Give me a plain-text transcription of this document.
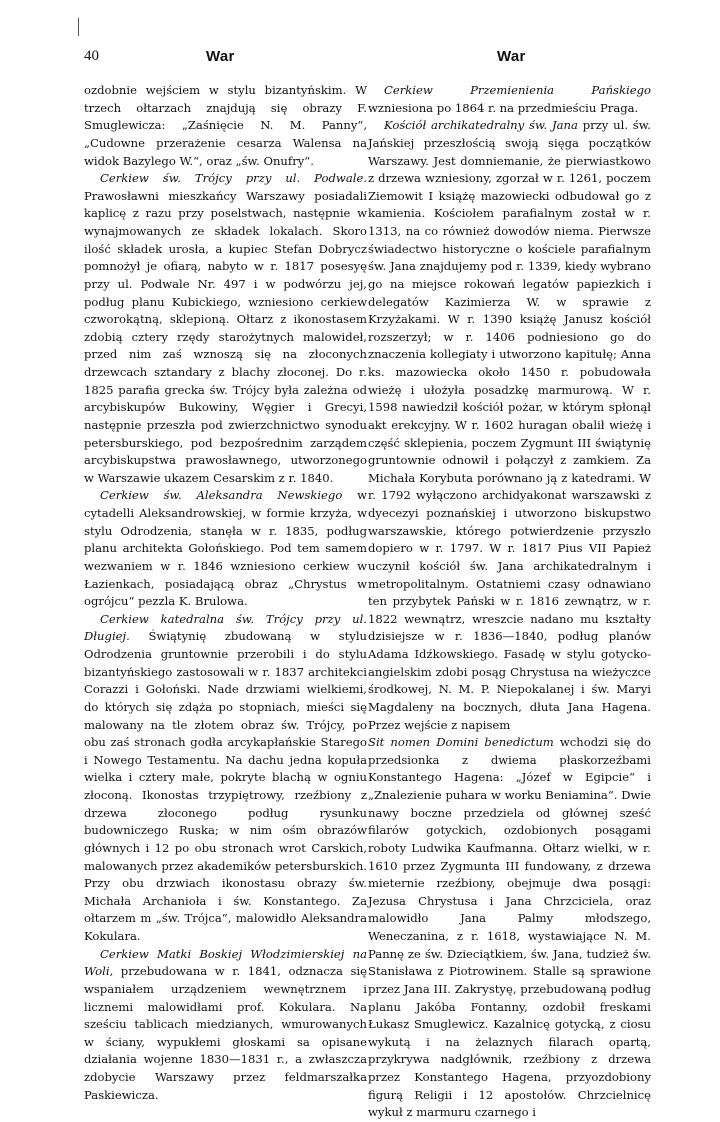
40	War	War

ozdobnie wejściem w stylu bizantyńskim. W trzech ołtarzach znajdują się obrazy F. Smuglewicza: „Zaśnięcie N. M. Panny“, „Cudowne przerażenie cesarza Walensa na widok Bazylego W.“, oraz „św. Onufry“.

Cerkiew św. Trójcy przy ul. Podwale. Prawosławni mieszkańcy Warszawy posiadali kaplicę z razu przy poselstwach, następnie w wynajmowanych ze składek lokalach. Skoro ilość składek urosła, a kupiec Stefan Dobrycz pomnożył je ofiarą, nabyto w r. 1817 posesyę przy ul. Podwale Nr. 497 i w podwórzu jej, podług planu Kubickiego, wzniesiono cerkiew czworokątną, sklepioną. Ołtarz z ikonostasem zdobią cztery rzędy starożytnych malowideł, przed nim zaś wznoszą się na złoconych drzewcach sztandary z blachy złoconej. Do r. 1825 parafia grecka św. Trójcy była zależna od arcybiskupów Bukowiny, Węgier i Grecyi, następnie przeszła pod zwierzchnictwo synodu petersburskiego, pod bezpośrednim zarządem arcybiskupstwa prawosławnego, utworzonego w Warszawie ukazem Cesarskim z r. 1840.

Cerkiew św. Aleksandra Newskiego w cytadelli Aleksandrowskiej, w formie krzyża, w stylu Odrodzenia, stanęła w r. 1835, podług planu architekta Gołońskiego. Pod tem samem wezwaniem w r. 1846 wzniesiono cerkiew w Łazienkach, posiadającą obraz „Chrystus w ogrójcu“ pezzla K. Brulowa.

Cerkiew katedralna św. Trójcy przy ul. Długiej. Świątynię zbudowaną w stylu Odrodzenia gruntownie przerobili i do stylu bizantyńskiego zastosowali w r. 1837 architekci Corazzi i Gołoński. Nade drzwiami wielkiemi, do których się zdąża po stopniach, mieści się malowany na tle złotem obraz św. Trójcy, po obu zaś stronach godła arcykapłańskie Starego i Nowego Testamentu. Na dachu jedna kopuła wielka i cztery małe, pokryte blachą w ogniu złoconą. Ikonostas trzypiętrowy, rzeźbiony z drzewa złoconego podług rysunku budowniczego Ruska; w nim ośm obrazów głównych i 12 po obu stronach wrot Carskich, malowanych przez akademików petersburskich. Przy obu drzwiach ikonostasu obrazy św. Michała Archanioła i św. Konstantego. Za ołtarzem m „św. Trójca“, malowidło Aleksandra Kokulara.

Cerkiew Matki Boskiej Włodzimierskiej na Woli, przebudowana w r. 1841, odznacza się wspaniałem urządzeniem wewnętrznem i licznemi malowidłami prof. Kokulara. Na sześciu tablicach miedzianych, wmurowanych w ściany, wypukłemi głoskami sa opisane działania wojenne 1830—1831 r., a zwłaszcza zdobycie Warszawy przez feldmarszałka Paskiewicza.

Cerkiew Przemienienia Pańskiego wzniesiona po 1864 r. na przedmieściu Praga.

Kościół archikatedralny św. Jana przy ul. św. Jańskiej przeszłością swoją sięga początków Warszawy. Jest domniemanie, że pierwiastkowo z drzewa wzniesiony, zgorzał w r. 1261, poczem Ziemowit I książę mazowiecki odbudował go z kamienia. Kościołem parafialnym został w r. 1313, na co również dowodów niema. Pierwsze świadectwo historyczne o kościele parafialnym św. Jana znajdujemy pod r. 1339, kiedy wybrano go na miejsce rokowań legatów papiezkich i delegatów Kazimierza W. w sprawie z Krzyżakami. W r. 1390 książę Janusz kościół rozszerzył; w r. 1406 podniesiono go do znaczenia kollegiaty i utworzono kapitułę; Anna ks. mazowiecka około 1450 r. pobudowała wieżę i ułożyła posadzkę marmurową. W r. 1598 nawiedził kościół pożar, w którym spłonął akt erekcyjny. W r. 1602 huragan obalił wieżę i część sklepienia, poczem Zygmunt III świątynię gruntownie odnowił i połączył z zamkiem. Za Michała Korybuta porównano ją z katedrami. W r. 1792 wyłączono archidyakonat warszawski z dyecezyi poznańskiej i utworzono biskupstwo warszawskie, którego potwierdzenie przyszło dopiero w r. 1797. W r. 1817 Pius VII Papież uczynił kościół św. Jana archikatedralnym i metropolitalnym. Ostatniemi czasy odnawiano ten przybytek Pański w r. 1816 zewnątrz, w r. 1822 wewnątrz, wreszcie nadano mu kształty dzisiejsze w r. 1836—1840, podług planów Adama Idźkowskiego. Fasadę w stylu gotycko-angielskim zdobi posąg Chrystusa na wieżyczce środkowej, N. M. P. Niepokalanej i św. Maryi Magdaleny na bocznych, dłuta Jana Hagena. Przez wejście z napisem

Sit nomen Domini benedictum wchodzi się do przedsionka z dwiema płaskorzeźbami Konstantego Hagena: „Józef w Egipcie“ i „Znalezienie puhara w worku Beniamina“. Dwie nawy boczne przedziela od głównej sześć filarów gotyckich, ozdobionych posągami roboty Ludwika Kaufmanna. Ołtarz wielki, w r. 1610 przez Zygmunta III fundowany, z drzewa mieternie rzeźbiony, obejmuje dwa posągi: Jezusa Chrystusa i Jana Chrzciciela, oraz malowidło Jana Palmy młodszego, Weneczanina, z r. 1618, wystawiające N. M. Pannę ze św. Dzieciątkiem, św. Jana, tudzież św. Stanisława z Piotrowinem. Stalle są sprawione przez Jana III. Zakrystyę, przebudowaną podług planu Jakóba Fontanny, ozdobił freskami Łukasz Smuglewicz. Kazalnicę gotycką, z ciosu wykutą i na żelaznych filarach opartą, przykrywa nadgłównik, rzeźbiony z drzewa przez Konstantego Hagena, przyozdobiony figurą Religii i 12 apostołów. Chrzcielnicę wykuł z marmuru czarnego i
